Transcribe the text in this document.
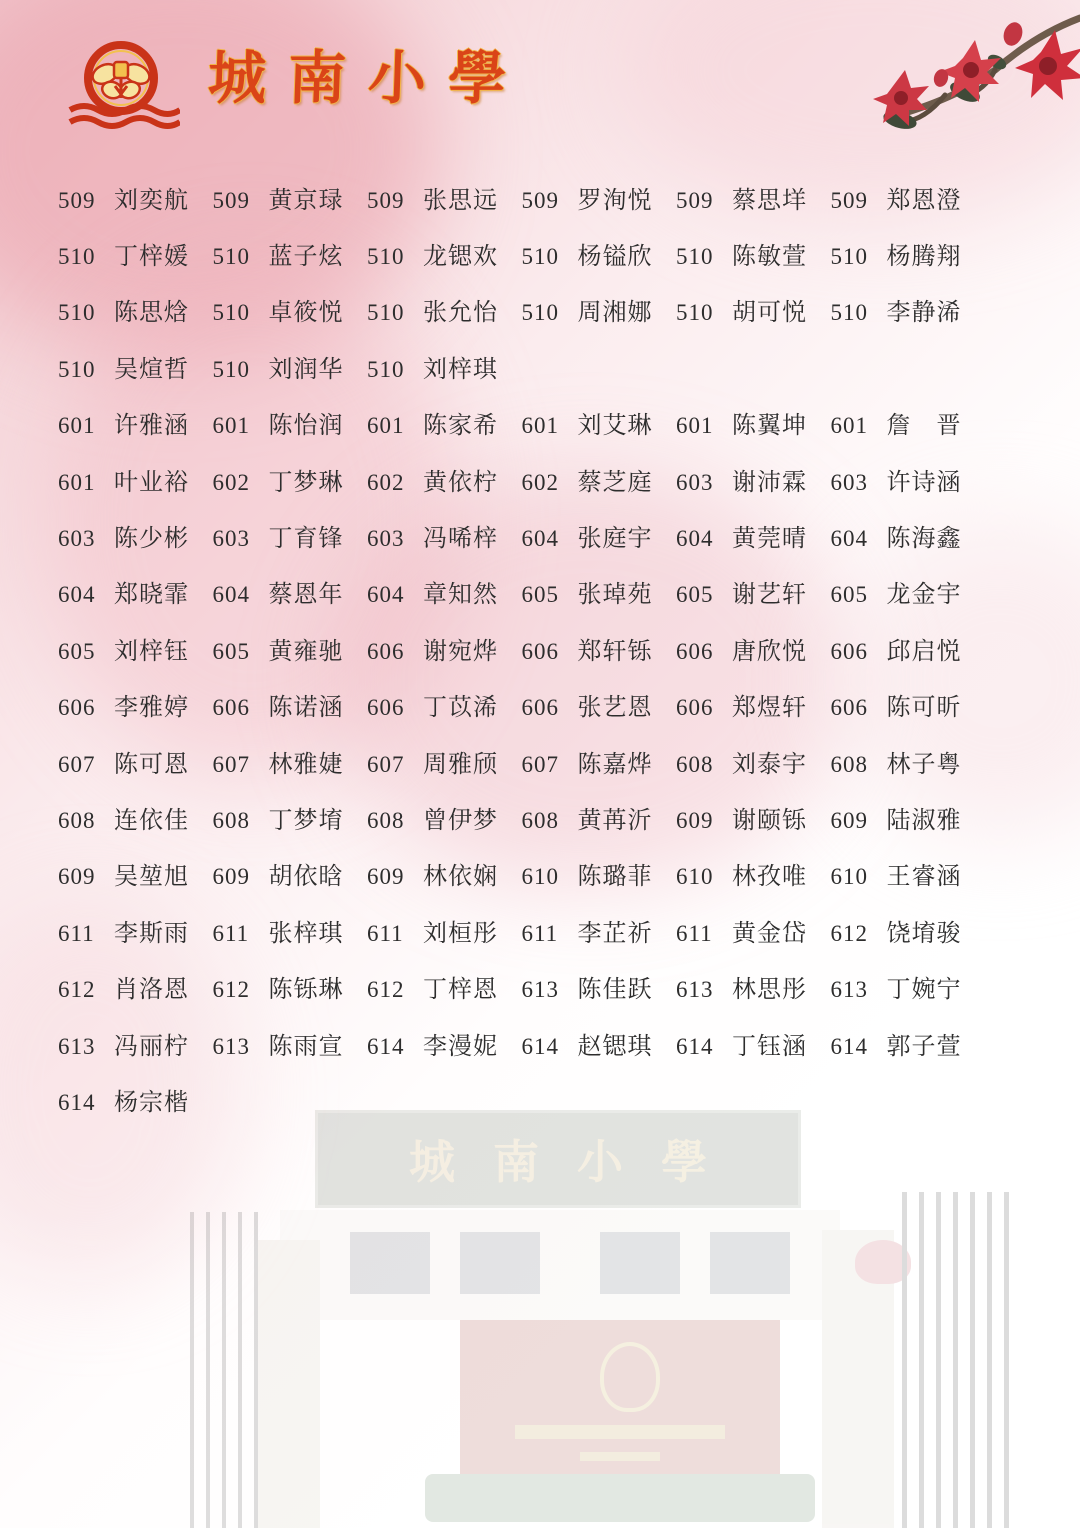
城南小學
城南小學
509 刘奕航 509 黄京琭 509 张思远 509 罗洵悦 509 蔡思垟 509 郑恩澄
510 丁梓媛 510 蓝子炫 510 龙锶欢 510 杨镒欣 510 陈敏萱 510 杨腾翔
510 陈思焓 510 卓筱悦 510 张允怡 510 周湘娜 510 胡可悦 510 李静浠
510 吴煊哲 510 刘润华 510 刘梓琪
601 许雅涵 601 陈怡润 601 陈家希 601 刘艾琳 601 陈翼坤 601 詹　晋
601 叶业裕 602 丁梦琳 602 黄依柠 602 蔡芝庭 603 谢沛霖 603 许诗涵
603 陈少彬 603 丁育锋 603 冯唏梓 604 张庭宇 604 黄莞晴 604 陈海鑫
604 郑晓霏 604 蔡恩年 604 章知然 605 张琸苑 605 谢艺轩 605 龙金宇
605 刘梓钰 605 黄雍驰 606 谢宛烨 606 郑轩铄 606 唐欣悦 606 邱启悦
606 李雅婷 606 陈诺涵 606 丁苡浠 606 张艺恩 606 郑煜轩 606 陈可昕
607 陈可恩 607 林雅婕 607 周雅颀 607 陈嘉烨 608 刘泰宇 608 林子粤
608 连依佳 608 丁梦堉 608 曾伊梦 608 黄苒沂 609 谢颐铄 609 陆淑雅
609 吴堃旭 609 胡依晗 609 林依娴 610 陈璐菲 610 林孜唯 610 王睿涵
611 李斯雨 611 张梓琪 611 刘桓彤 611 李芷祈 611 黄金岱 612 饶堉骏
612 肖洛恩 612 陈铄琳 612 丁梓恩 613 陈佳跃 613 林思彤 613 丁婉宁
613 冯丽柠 613 陈雨宣 614 李漫妮 614 赵锶琪 614 丁钰涵 614 郭子萱
614 杨宗楷
